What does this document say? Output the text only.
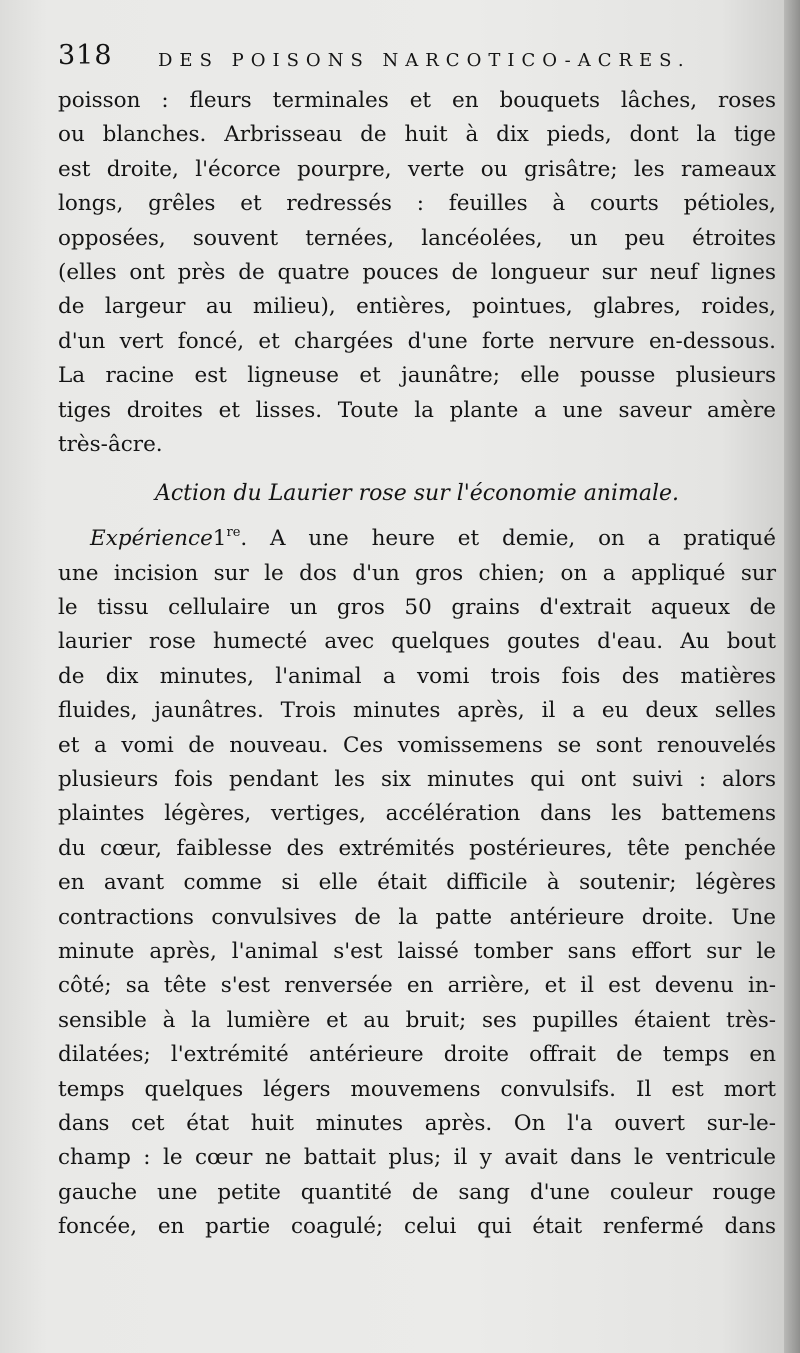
318	DES POISONS NARCOTICO-ACRES.
poisson : fleurs terminales et en bouquets lâches, roses
ou blanches. Arbrisseau de huit à dix pieds, dont la tige
est droite, l'écorce pourpre, verte ou grisâtre; les rameaux
longs, grêles et redressés : feuilles à courts pétioles,
opposées, souvent ternées, lancéolées, un peu étroites
(elles ont près de quatre pouces de longueur sur neuf lignes
de largeur au milieu), entières, pointues, glabres, roides,
d'un vert foncé, et chargées d'une forte nervure en-dessous.
La racine est ligneuse et jaunâtre; elle pousse plusieurs
tiges droites et lisses. Toute la plante a une saveur amère
très-âcre.
Action du Laurier rose sur l'économie animale.
Expérience1re. A une heure et demie, on a pratiqué
une incision sur le dos d'un gros chien; on a appliqué sur
le tissu cellulaire un gros 50 grains d'extrait aqueux de
laurier rose humecté avec quelques goutes d'eau. Au bout
de dix minutes, l'animal a vomi trois fois des matières
fluides, jaunâtres. Trois minutes après, il a eu deux selles
et a vomi de nouveau. Ces vomissemens se sont renouvelés
plusieurs fois pendant les six minutes qui ont suivi : alors
plaintes légères, vertiges, accélération dans les battemens
du cœur, faiblesse des extrémités postérieures, tête penchée
en avant comme si elle était difficile à soutenir; légères
contractions convulsives de la patte antérieure droite. Une
minute après, l'animal s'est laissé tomber sans effort sur le
côté; sa tête s'est renversée en arrière, et il est devenu in-
sensible à la lumière et au bruit; ses pupilles étaient très-
dilatées; l'extrémité antérieure droite offrait de temps en
temps quelques légers mouvemens convulsifs. Il est mort
dans cet état huit minutes après. On l'a ouvert sur-le-
champ : le cœur ne battait plus; il y avait dans le ventricule
gauche une petite quantité de sang d'une couleur rouge
foncée, en partie coagulé; celui qui était renfermé dans
